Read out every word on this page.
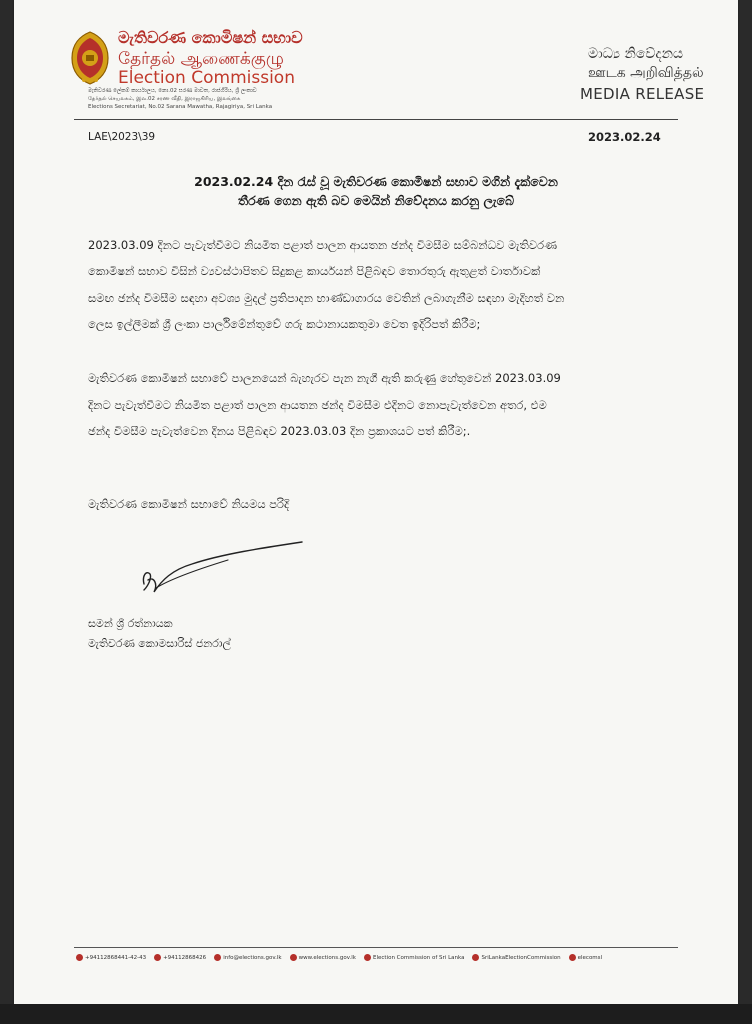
මැතිවරණ කොමිෂන් සභාව
தேர்தல் ஆணைக்குழு
Election Commission
මැතිවරණ ලේකම් කාර්යාලය, නො.02 සරණ මාවත, රාජගිරිය, ශ්‍රී ලංකාව
தேர்தல் செயலகம், இல.02 சரண வீதி, இராஜகிரிய, இலங்கை
Elections Secretariat, No.02 Sarana Mawatha, Rajagiriya, Sri Lanka
මාධ්‍ය නිවේදනය
ஊடக அறிவித்தல்
MEDIA RELEASE
LAE\2023\39	2023.02.24
2023.02.24 දින රැස් වූ මැතිවරණ කොමිෂන් සභාව මගින් දැක්වෙන
තීරණ ගෙන ඇති බව මෙයින් නිවේදනය කරනු ලැබේ
2023.03.09 දිනට පැවැත්වීමට නියමිත පළාත් පාලන ආයතන ඡන්ද විමසීම සම්බන්ධව මැතිවරණ
කොමිෂන් සභාව විසින් ව්‍යවස්ථාපිතව සිදුකළ කාර්යයන් පිළිබඳව තොරතුරු ඇතුළත් වාර්තාවක්
සමඟ ඡන්ද විමසීම සඳහා අවශ්‍ය මුදල් ප්‍රතිපාදන භාණ්ඩාගාරය වෙතින් ලබාගැනීම සඳහා මැදිහත් වන
ලෙස ඉල්ලීමක් ශ්‍රී ලංකා පාර්ලිමේන්තුවේ ගරු කථානායකතුමා වෙත ඉදිරිපත් කිරීම;
මැතිවරණ කොමිෂන් සභාවේ පාලනයෙන් බැහැරව පැන නැගී ඇති කරුණු හේතුවෙන් 2023.03.09
දිනට පැවැත්වීමට නියමිත පළාත් පාලන ආයතන ඡන්ද විමසීම එදිනට නොපැවැත්වෙන අතර, එම
ඡන්ද විමසීම පැවැත්වෙන දිනය පිළිබඳව 2023.03.03 දින ප්‍රකාශයට පත් කිරීම;.
මැතිවරණ කොමිෂන් සභාවේ නියමය පරිදි
සමන් ශ්‍රී රත්නායක
මැතිවරණ කොමසාරිස් ජනරාල්
+94112868441-42-43	+94112868426	info@elections.gov.lk	www.elections.gov.lk	Election Commission of Sri Lanka	SriLankaElectionCommission	elecomsl
